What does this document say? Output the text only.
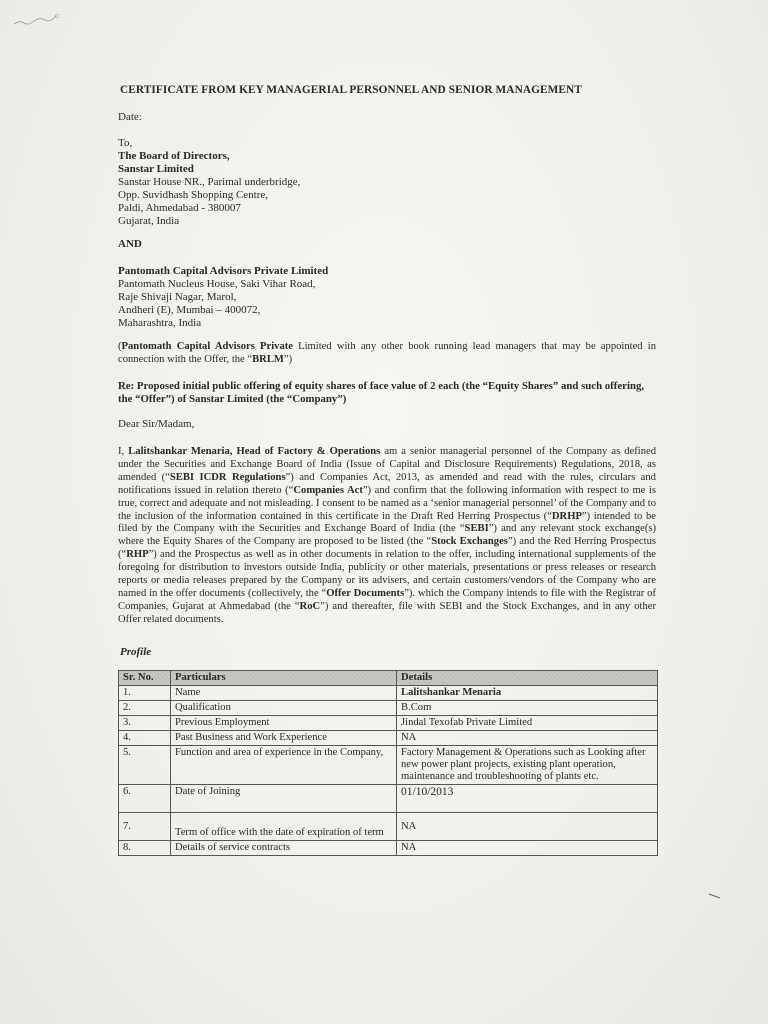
CERTIFICATE FROM KEY MANAGERIAL PERSONNEL AND SENIOR MANAGEMENT
Date:
To,
The Board of Directors,
Sanstar Limited
Sanstar House NR., Parimal underbridge,
Opp. Suvidhash Shopping Centre,
Paldi, Ahmedabad - 380007
Gujarat, India
AND
Pantomath Capital Advisors Private Limited
Pantomath Nucleus House, Saki Vihar Road,
Raje Shivaji Nagar, Marol,
Andheri (E), Mumbai – 400072,
Maharashtra, India
(Pantomath Capital Advisors Private Limited with any other book running lead managers that may be appointed in connection with the Offer, the “BRLM”)
Re: Proposed initial public offering of equity shares of face value of 2 each (the “Equity Shares” and such offering, the “Offer”) of Sanstar Limited (the “Company”)
Dear Sir/Madam,
I, Lalitshankar Menaria, Head of Factory & Operations am a senior managerial personnel of the Company as defined under the Securities and Exchange Board of India (Issue of Capital and Disclosure Requirements) Regulations, 2018, as amended (“SEBI ICDR Regulations”) and Companies Act, 2013, as amended and read with the rules, circulars and notifications issued in relation thereto (“Companies Act”) and confirm that the following information with respect to me is true, correct and adequate and not misleading. I consent to be named as a ‘senior managerial personnel’ of the Company and to the inclusion of the information contained in this certificate in the Draft Red Herring Prospectus (“DRHP”) intended to be filed by the Company with the Securities and Exchange Board of India (the “SEBI”) and any relevant stock exchange(s) where the Equity Shares of the Company are proposed to be listed (the “Stock Exchanges”) and the Red Herring Prospectus (“RHP”) and the Prospectus as well as in other documents in relation to the offer, including international supplements of the foregoing for distribution to investors outside India, publicity or other materials, presentations or press releases or research reports or media releases prepared by the Company or its advisers, and certain customers/vendors of the Company who are named in the offer documents (collectively, the “Offer Documents”). which the Company intends to file with the Registrar of Companies, Gujarat at Ahmedabad (the “RoC”) and thereafter, file with SEBI and the Stock Exchanges, and in any other Offer related documents.
Profile
Sr. No.	Particulars	Details
1.	Name	Lalitshankar Menaria
2.	Qualification	B.Com
3.	Previous Employment	Jindal Texofab Private Limited
4.	Past Business and Work Experience	NA
5.	Function and area of experience in the Company,	Factory Management & Operations such as Looking after new power plant projects, existing plant operation, maintenance and troubleshooting of plants etc.
6.	Date of Joining	01/10/2013
7.	Term of office with the date of expiration of term	NA
8.	Details of service contracts	NA
